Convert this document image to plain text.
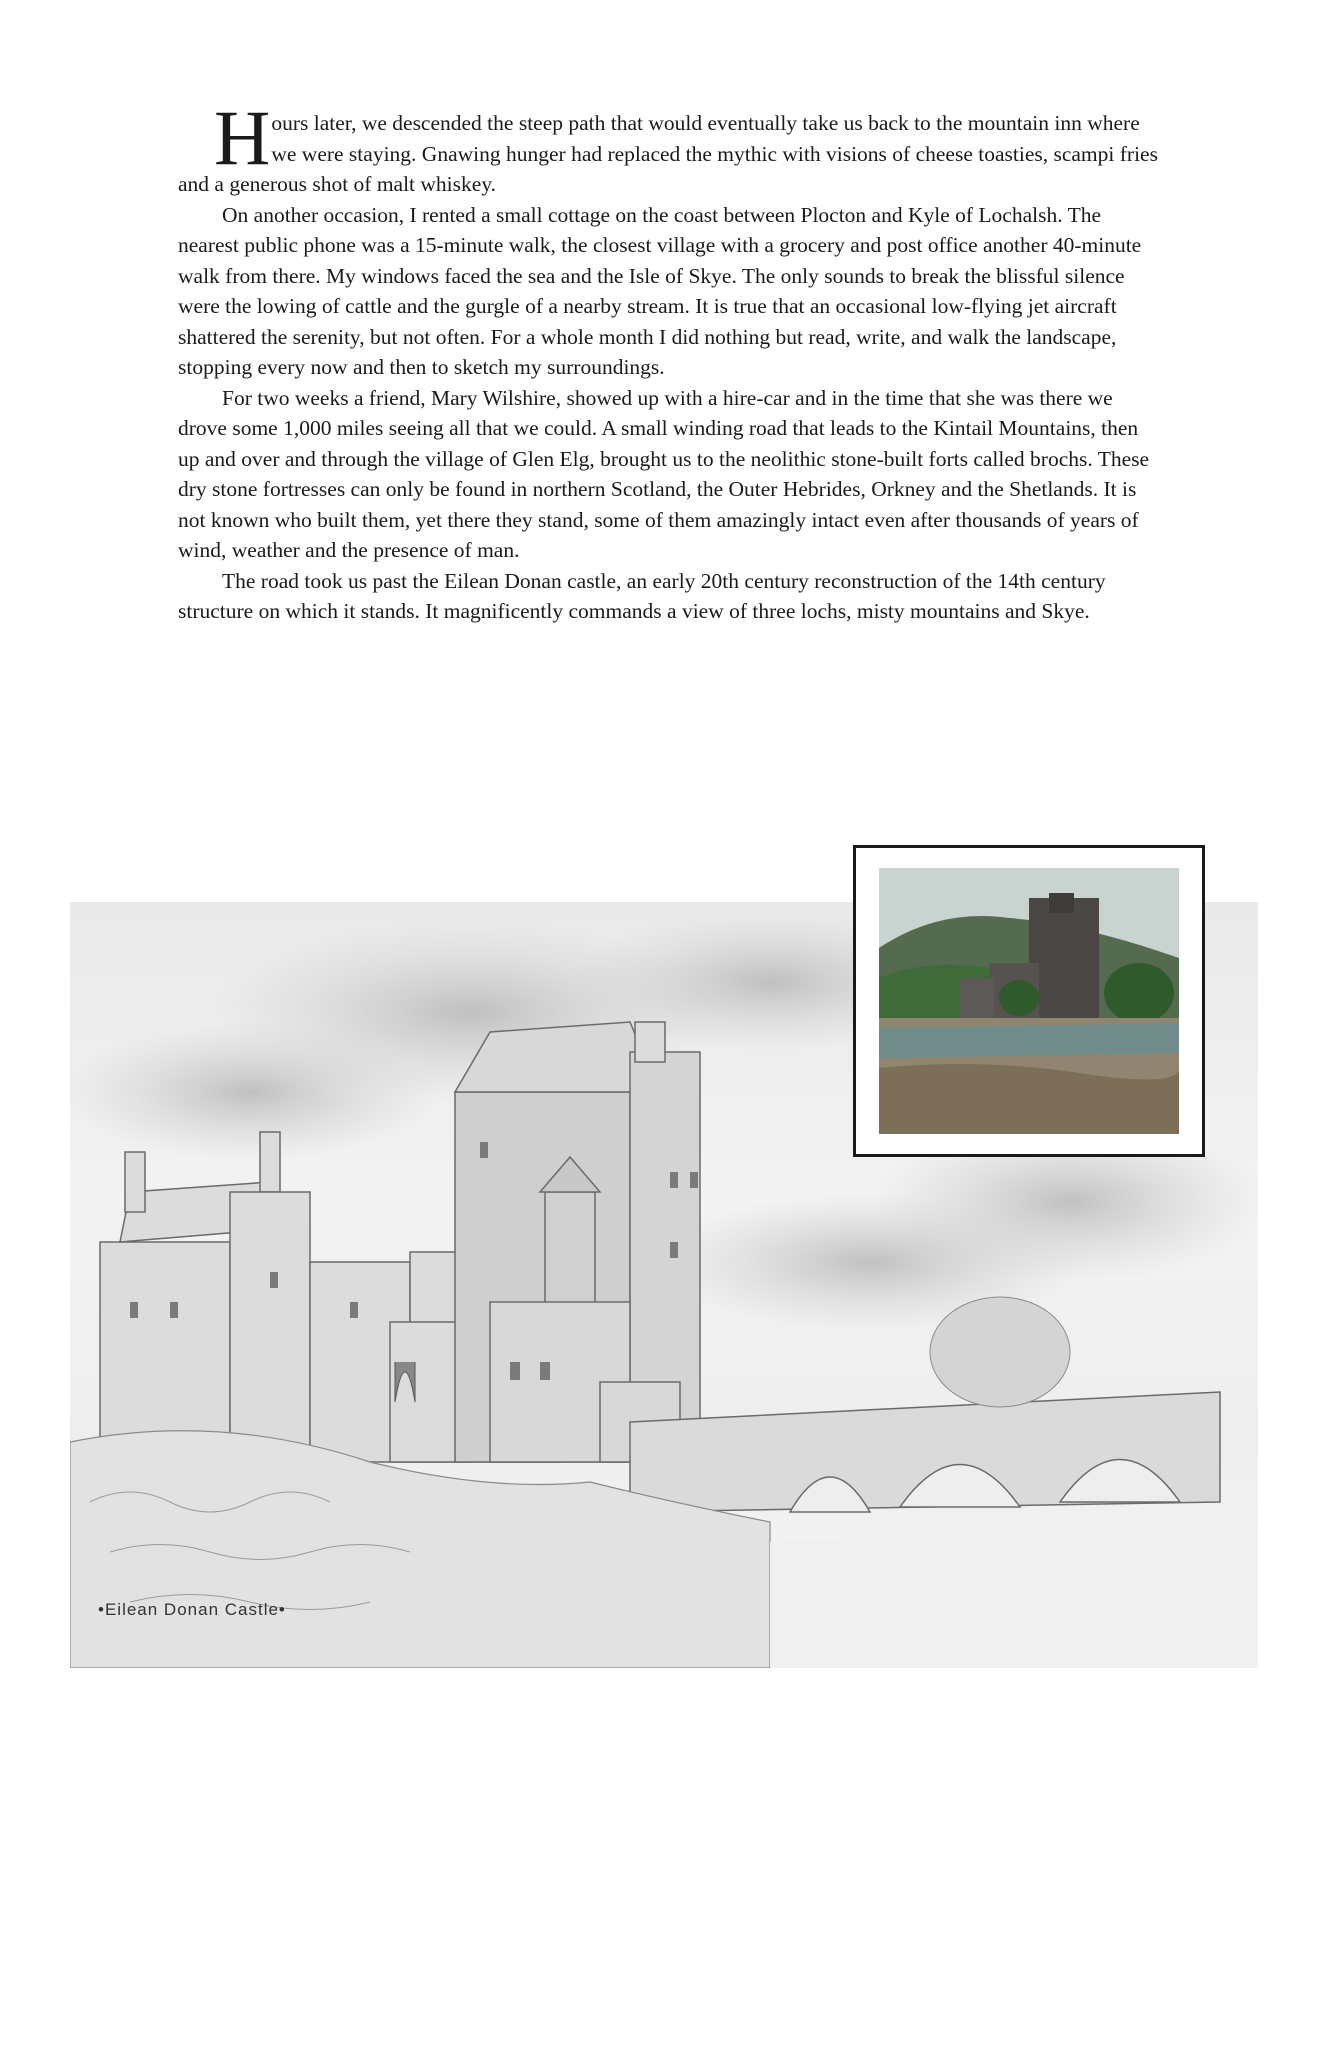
Hours later, we descended the steep path that would eventually take us back to the mountain inn where we were staying. Gnawing hunger had replaced the mythic with visions of cheese toasties, scampi fries and a generous shot of malt whiskey.

On another occasion, I rented a small cottage on the coast between Plocton and Kyle of Lochalsh. The nearest public phone was a 15-minute walk, the closest village with a grocery and post office another 40-minute walk from there. My windows faced the sea and the Isle of Skye. The only sounds to break the blissful silence were the lowing of cattle and the gurgle of a nearby stream. It is true that an occasional low-flying jet aircraft shattered the serenity, but not often. For a whole month I did nothing but read, write, and walk the landscape, stopping every now and then to sketch my surroundings.

For two weeks a friend, Mary Wilshire, showed up with a hire-car and in the time that she was there we drove some 1,000 miles seeing all that we could. A small winding road that leads to the Kintail Mountains, then up and over and through the village of Glen Elg, brought us to the neolithic stone-built forts called brochs. These dry stone fortresses can only be found in northern Scotland, the Outer Hebrides, Orkney and the Shetlands. It is not known who built them, yet there they stand, some of them amazingly intact even after thousands of years of wind, weather and the presence of man.

The road took us past the Eilean Donan castle, an early 20th century reconstruction of the 14th century structure on which it stands. It magnificently commands a view of three lochs, misty mountains and Skye.

•Eilean Donan Castle•
